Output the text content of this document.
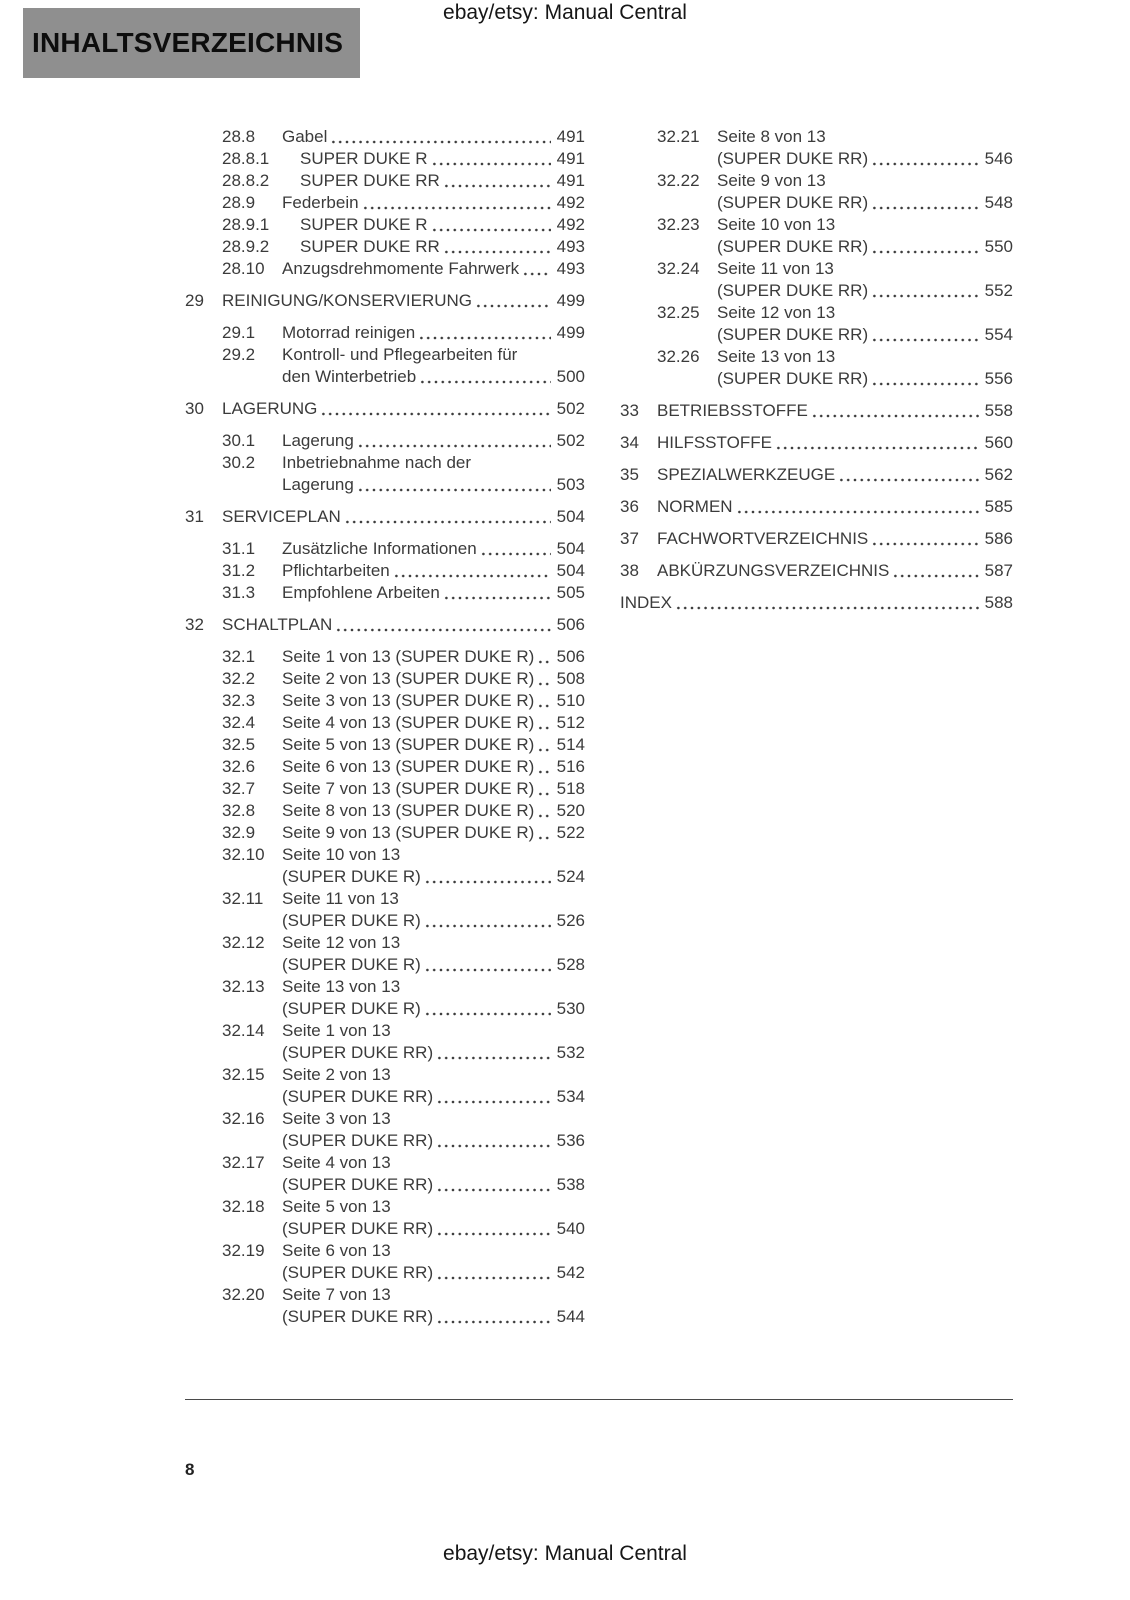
ebay/etsy: Manual Central
INHALTSVERZEICHNIS
28.8	Gabel	491
28.8.1	SUPER DUKE R	491
28.8.2	SUPER DUKE RR	491
28.9	Federbein	492
28.9.1	SUPER DUKE R	492
28.9.2	SUPER DUKE RR	493
28.10	Anzugsdrehmomente Fahrwerk 493
29	REINIGUNG/KONSERVIERUNG	499
29.1	Motorrad reinigen	499
29.2	Kontroll- und Pflegearbeiten für
den Winterbetrieb	500
30	LAGERUNG	502
30.1	Lagerung	502
30.2	Inbetriebnahme nach der
Lagerung	503
31	SERVICEPLAN	504
31.1	Zusätzliche Informationen	504
31.2	Pflichtarbeiten	504
31.3	Empfohlene Arbeiten	505
32	SCHALTPLAN	506
32.1	Seite 1 von 13 (SUPER DUKE R) 506
32.2	Seite 2 von 13 (SUPER DUKE R) 508
32.3	Seite 3 von 13 (SUPER DUKE R) 510
32.4	Seite 4 von 13 (SUPER DUKE R) 512
32.5	Seite 5 von 13 (SUPER DUKE R) 514
32.6	Seite 6 von 13 (SUPER DUKE R) 516
32.7	Seite 7 von 13 (SUPER DUKE R) 518
32.8	Seite 8 von 13 (SUPER DUKE R) 520
32.9	Seite 9 von 13 (SUPER DUKE R) 522
32.10	Seite 10 von 13
(SUPER DUKE R)	524
32.11	Seite 11 von 13
(SUPER DUKE R)	526
32.12	Seite 12 von 13
(SUPER DUKE R)	528
32.13	Seite 13 von 13
(SUPER DUKE R)	530
32.14	Seite 1 von 13
(SUPER DUKE RR)	532
32.15	Seite 2 von 13
(SUPER DUKE RR)	534
32.16	Seite 3 von 13
(SUPER DUKE RR)	536
32.17	Seite 4 von 13
(SUPER DUKE RR)	538
32.18	Seite 5 von 13
(SUPER DUKE RR)	540
32.19	Seite 6 von 13
(SUPER DUKE RR)	542
32.20	Seite 7 von 13
(SUPER DUKE RR)	544
32.21	Seite 8 von 13
(SUPER DUKE RR)	546
32.22	Seite 9 von 13
(SUPER DUKE RR)	548
32.23	Seite 10 von 13
(SUPER DUKE RR)	550
32.24	Seite 11 von 13
(SUPER DUKE RR)	552
32.25	Seite 12 von 13
(SUPER DUKE RR)	554
32.26	Seite 13 von 13
(SUPER DUKE RR)	556
33	BETRIEBSSTOFFE	558
34	HILFSSTOFFE	560
35	SPEZIALWERKZEUGE	562
36	NORMEN	585
37	FACHWORTVERZEICHNIS	586
38	ABKÜRZUNGSVERZEICHNIS	587
INDEX	588
8
ebay/etsy: Manual Central
